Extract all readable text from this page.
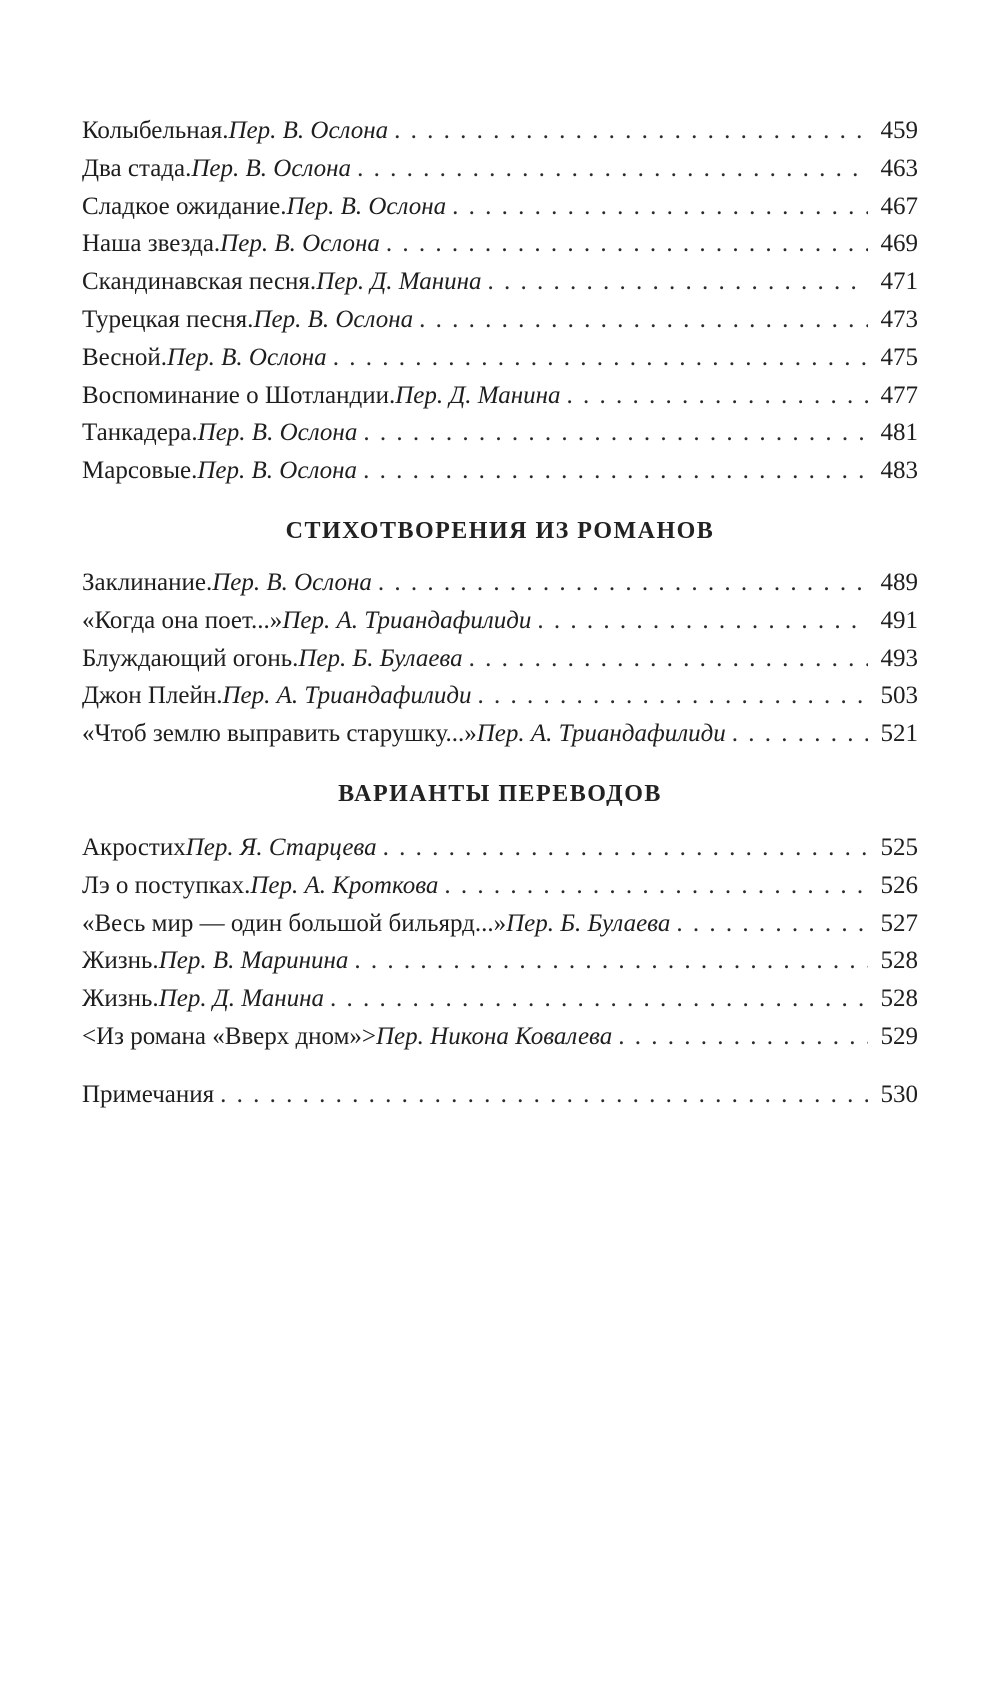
Колыбельная. Пер. В. Ослона . . .	459
Два стада. Пер. В. Ослона . . .	463
Сладкое ожидание. Пер. В. Ослона . . .	467
Наша звезда. Пер. В. Ослона . . .	469
Скандинавская песня. Пер. Д. Манина . . .	471
Турецкая песня. Пер. В. Ослона . . .	473
Весной. Пер. В. Ослона . . .	475
Воспоминание о Шотландии. Пер. Д. Манина . . .	477
Танкадера. Пер. В. Ослона . . .	481
Марсовые. Пер. В. Ослона . . .	483
СТИХОТВОРЕНИЯ ИЗ РОМАНОВ
Заклинание. Пер. В. Ослона . . .	489
«Когда она поет...» Пер. А. Триандафилиди . . .	491
Блуждающий огонь. Пер. Б. Булаева . . .	493
Джон Плейн. Пер. А. Триандафилиди . . .	503
«Чтоб землю выправить старушку...» Пер. А. Триандафилиди . . .	521
ВАРИАНТЫ ПЕРЕВОДОВ
Акростих Пер. Я. Старцева . . .	525
Лэ о поступках. Пер. А. Кроткова . . .	526
«Весь мир — один большой бильярд...» Пер. Б. Булаева . . .	527
Жизнь. Пер. В. Маринина . . .	528
Жизнь. Пер. Д. Манина . . .	528
<Из романа «Вверх дном»> Пер. Никона Ковалева . . .	529
Примечания . . .	530
